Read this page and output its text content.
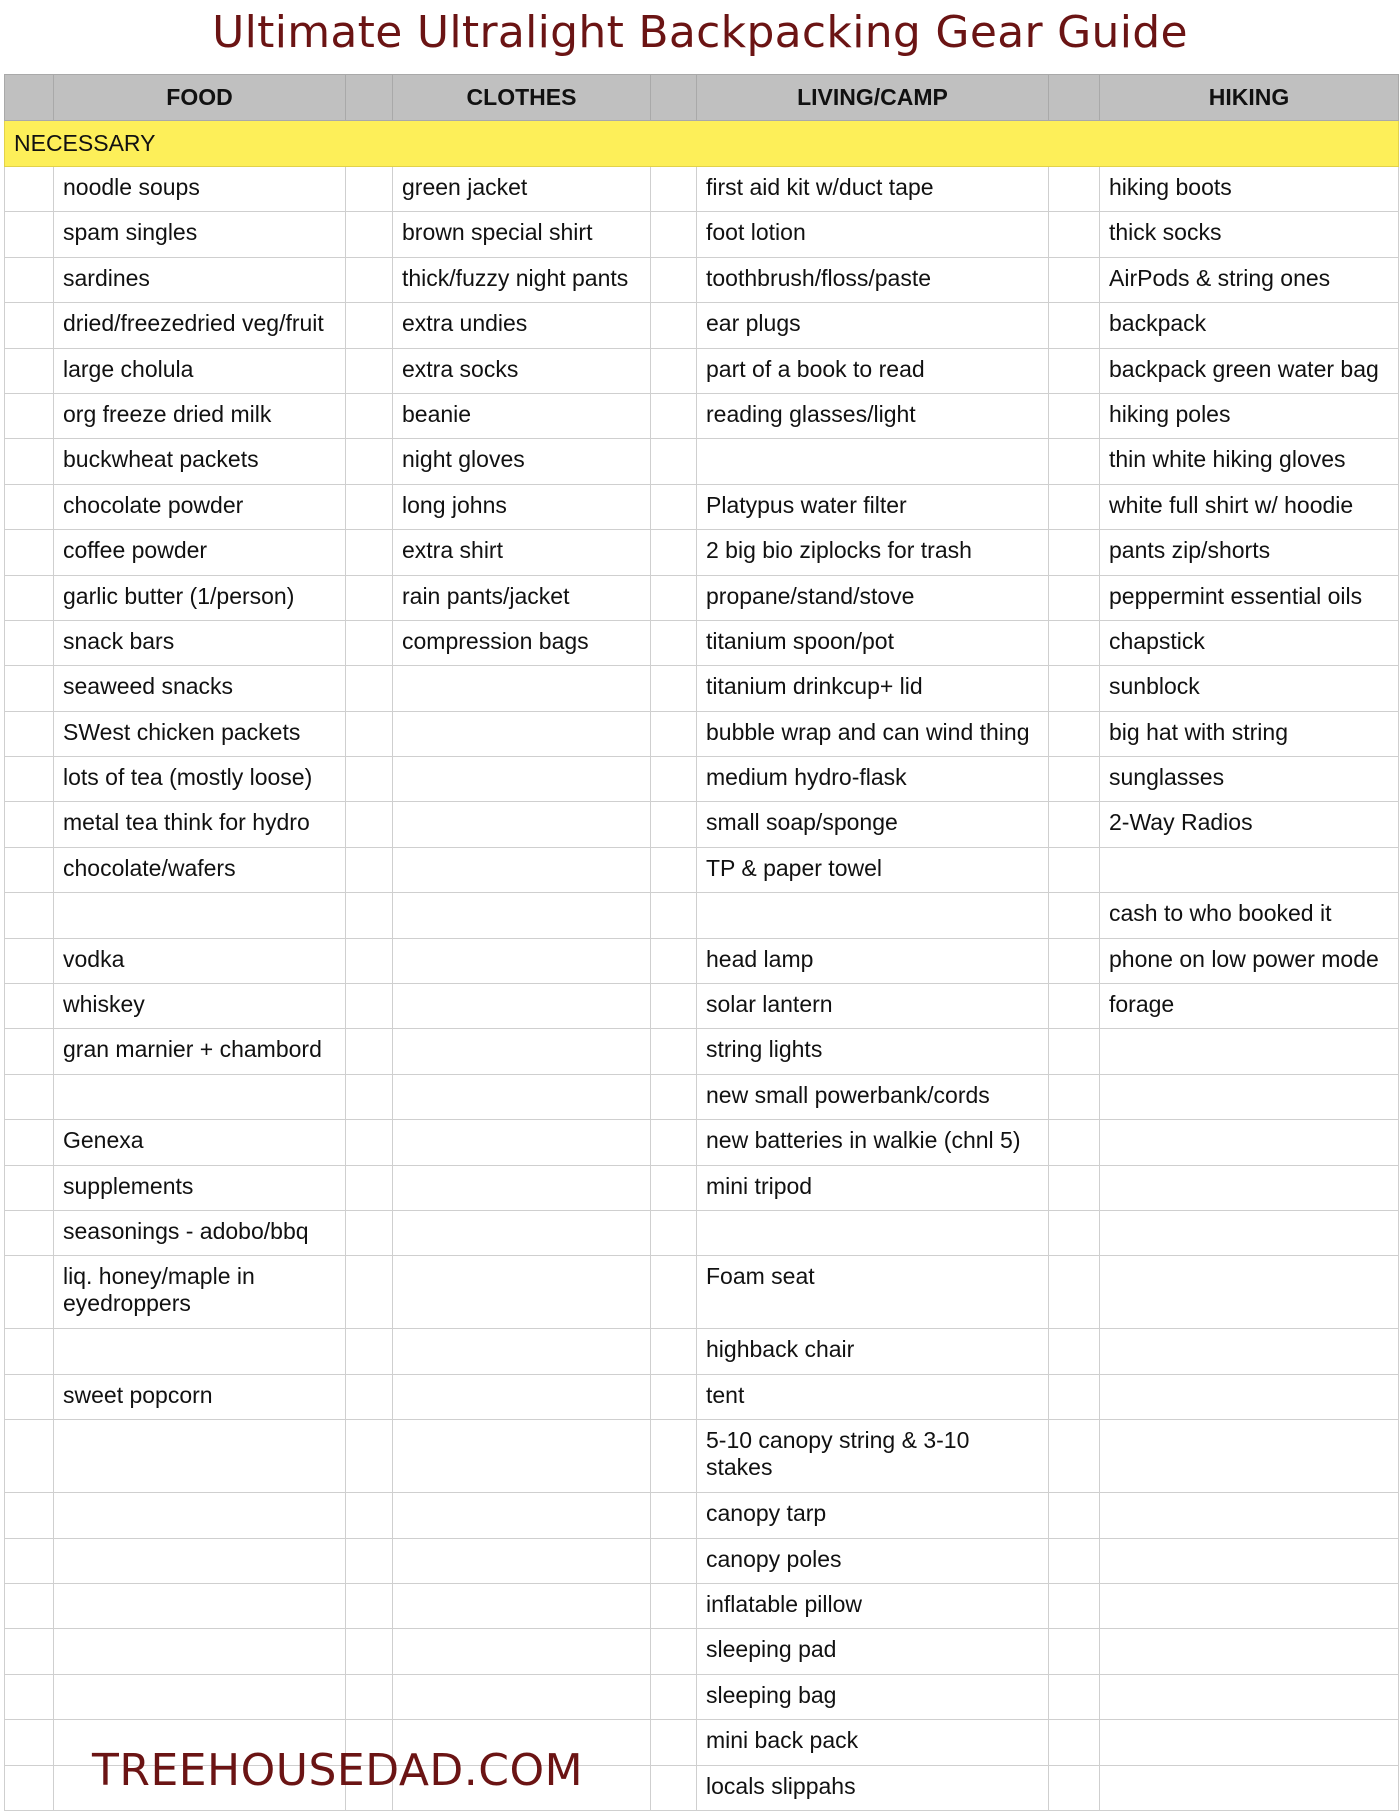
Ultimate Ultralight Backpacking Gear Guide
	FOOD		CLOTHES		LIVING/CAMP		HIKING
NECESSARY							
	noodle soups		green jacket		first aid kit w/duct tape		hiking boots
	spam singles		brown special shirt		foot lotion		thick socks
	sardines		thick/fuzzy night pants		toothbrush/floss/paste		AirPods & string ones
	dried/freezedried veg/fruit		extra undies		ear plugs		backpack
	large cholula		extra socks		part of a book to read		backpack green water bag
	org freeze dried milk		beanie		reading glasses/light		hiking poles
	buckwheat packets		night gloves				thin white hiking gloves
	chocolate powder		long johns		Platypus water filter		white full shirt w/ hoodie
	coffee powder		extra shirt		2 big bio ziplocks for trash		pants zip/shorts
	garlic butter (1/person)		rain pants/jacket		propane/stand/stove		peppermint essential oils
	snack bars		compression bags		titanium spoon/pot		chapstick
	seaweed snacks				titanium drinkcup+ lid		sunblock
	SWest chicken packets				bubble wrap and can wind thing		big hat with string
	lots of tea (mostly loose)				medium hydro-flask		sunglasses
	metal tea think for hydro				small soap/sponge		2-Way Radios
	chocolate/wafers				TP & paper towel		
							cash to who booked it
	vodka				head lamp		phone on low power mode
	whiskey				solar lantern		forage
	gran marnier + chambord				string lights		
					new small powerbank/cords		
	Genexa				new batteries in walkie (chnl 5)		
	supplements				mini tripod		
	seasonings - adobo/bbq						
	liq. honey/maple in eyedroppers				Foam seat		
					highback chair		
	sweet popcorn				tent		
					5-10 canopy string & 3-10 stakes		
					canopy tarp		
					canopy poles		
					inflatable pillow		
					sleeping pad		
					sleeping bag		
					mini back pack		
					locals slippahs		
TREEHOUSEDAD.COM
